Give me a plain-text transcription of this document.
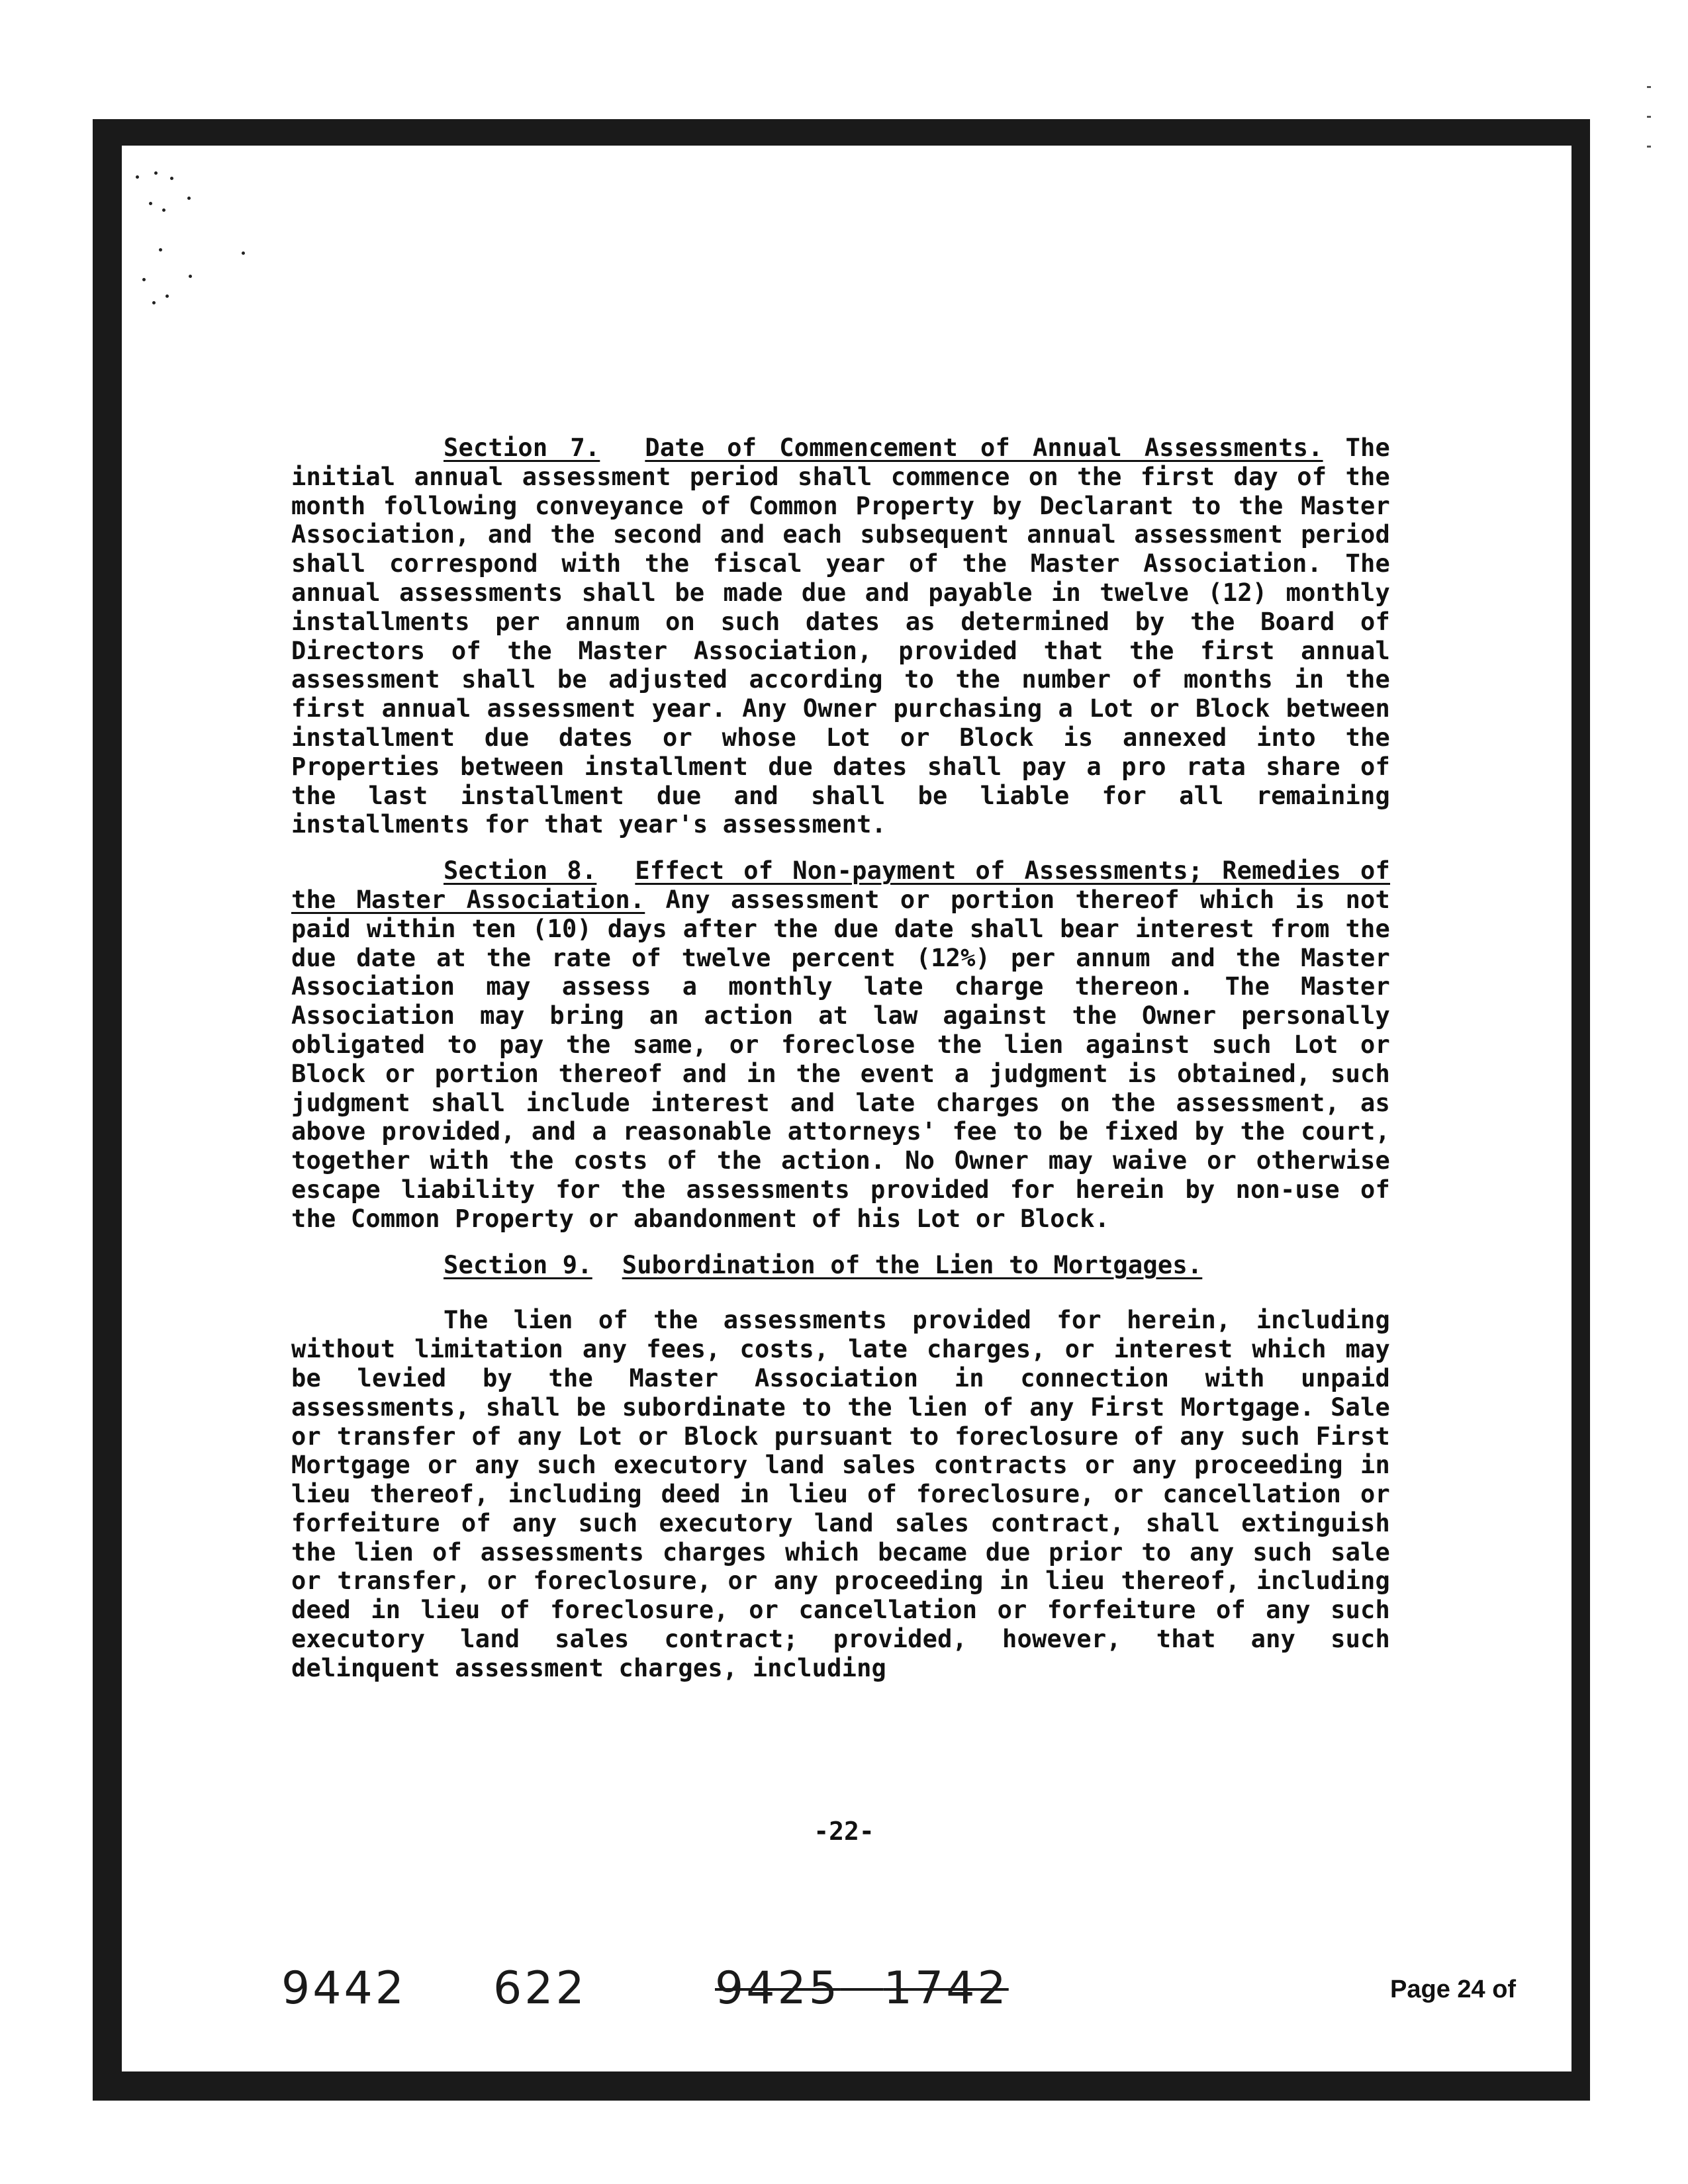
Section 7. Date of Commencement of Annual Assessments. The initial annual assessment period shall commence on the first day of the month following conveyance of Common Property by Declarant to the Master Association, and the second and each subsequent annual assessment period shall correspond with the fiscal year of the Master Association. The annual assessments shall be made due and payable in twelve (12) monthly installments per annum on such dates as determined by the Board of Directors of the Master Association, provided that the first annual assessment shall be adjusted according to the number of months in the first annual assessment year. Any Owner purchasing a Lot or Block between installment due dates or whose Lot or Block is annexed into the Properties between installment due dates shall pay a pro rata share of the last installment due and shall be liable for all remaining installments for that year's assessment.

Section 8. Effect of Non-payment of Assessments; Remedies of the Master Association. Any assessment or portion thereof which is not paid within ten (10) days after the due date shall bear interest from the due date at the rate of twelve percent (12%) per annum and the Master Association may assess a monthly late charge thereon. The Master Association may bring an action at law against the Owner personally obligated to pay the same, or foreclose the lien against such Lot or Block or portion thereof and in the event a judgment is obtained, such judgment shall include interest and late charges on the assessment, as above provided, and a reasonable attorneys' fee to be fixed by the court, together with the costs of the action. No Owner may waive or otherwise escape liability for the assessments provided for herein by non-use of the Common Property or abandonment of his Lot or Block.

Section 9. Subordination of the Lien to Mortgages.

The lien of the assessments provided for herein, including without limitation any fees, costs, late charges, or interest which may be levied by the Master Association in connection with unpaid assessments, shall be subordinate to the lien of any First Mortgage. Sale or transfer of any Lot or Block pursuant to foreclosure of any such First Mortgage or any such executory land sales contracts or any proceeding in lieu thereof, including deed in lieu of foreclosure, or cancellation or forfeiture of any such executory land sales contract, shall extinguish the lien of assessments charges which became due prior to any such sale or transfer, or foreclosure, or any proceeding in lieu thereof, including deed in lieu of foreclosure, or cancellation or forfeiture of any such executory land sales contract; provided, however, that any such delinquent assessment charges, including

-22-
9442 622	9425 1742	Page 24 of
